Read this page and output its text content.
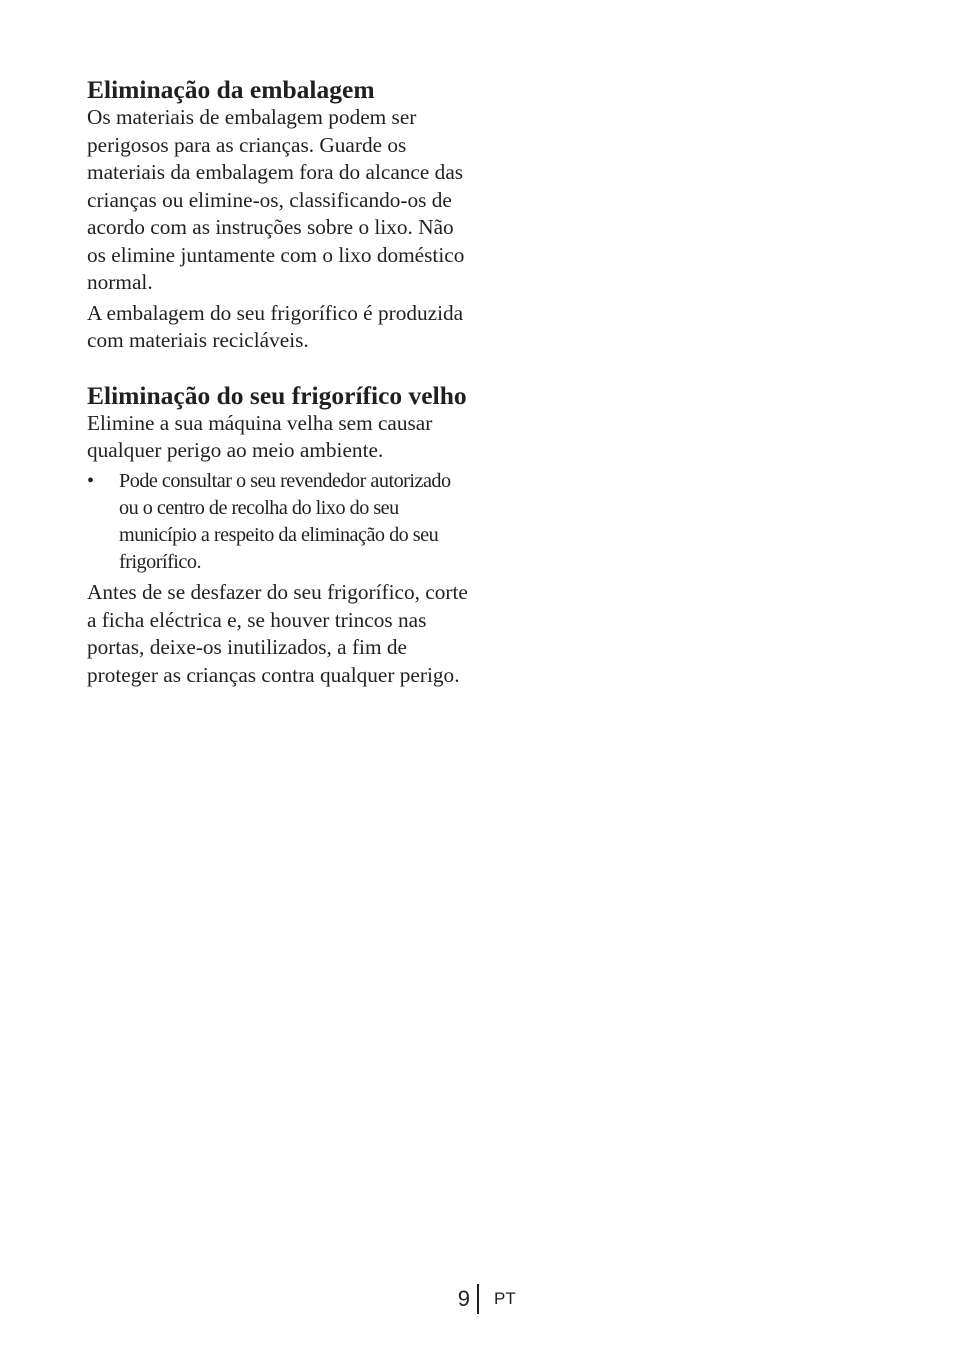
Eliminação da embalagem

Os materiais de embalagem podem ser perigosos para as crianças. Guarde os materiais da embalagem fora do alcance das crianças ou elimine-os, classificando-os de acordo com as instruções sobre o lixo. Não os elimine juntamente com o lixo doméstico normal.

A embalagem do seu frigorífico é produzida com materiais recicláveis.

Eliminação do seu frigorífico velho

Elimine a sua máquina velha sem causar qualquer perigo ao meio ambiente.

• Pode consultar o seu revendedor autorizado ou o centro de recolha do lixo do seu município a respeito da eliminação do seu frigorífico.

Antes de se desfazer do seu frigorífico, corte a ficha eléctrica e, se houver trincos nas portas, deixe-os inutilizados, a fim de proteger as crianças contra qualquer perigo.

9 PT
